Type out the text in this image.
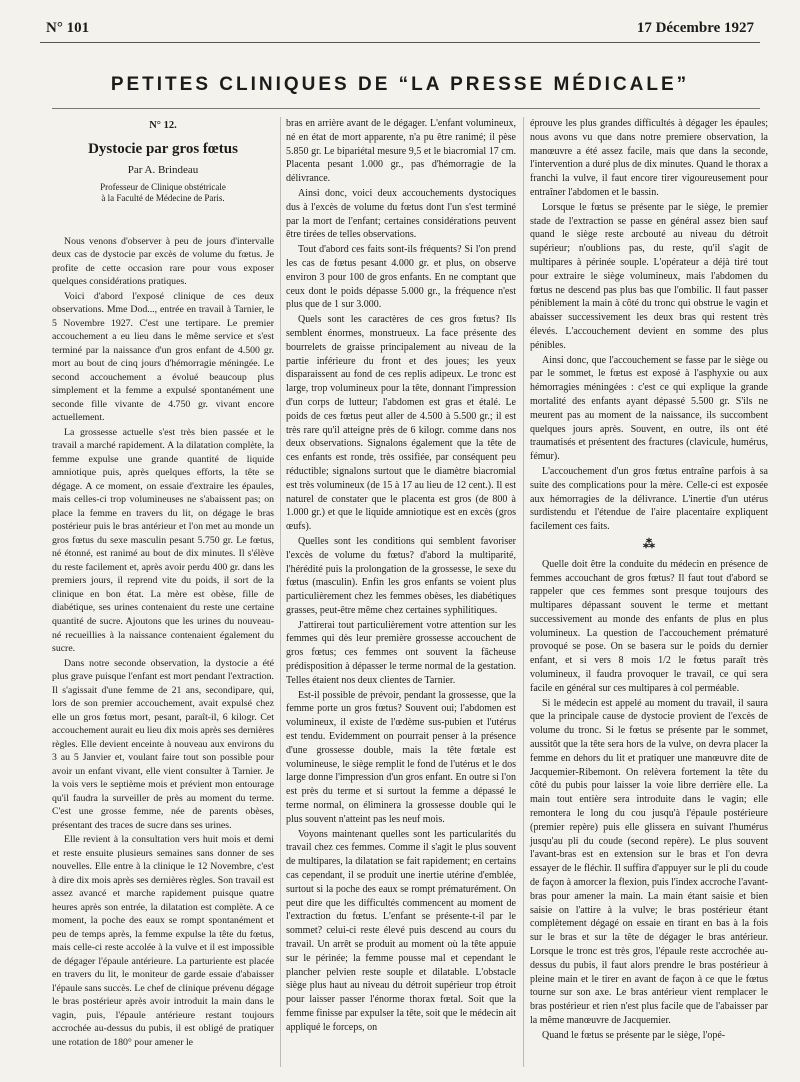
N° 101	17 Décembre 1927
PETITES CLINIQUES DE “LA PRESSE MÉDICALE”

N° 12.

Dystocie par gros fœtus

Par A. Brindeau

Professeur de Clinique obstétricale
à la Faculté de Médecine de Paris.

Nous venons d'observer à peu de jours d'intervalle deux cas de dystocie par excès de volume du fœtus. Je profite de cette occasion rare pour vous exposer quelques considérations pratiques.

Voici d'abord l'exposé clinique de ces deux observations. Mme Dod..., entrée en travail à Tarnier, le 5 Novembre 1927. C'est une tertipare. Le premier accouchement a eu lieu dans le même service et s'est terminé par la naissance d'un gros enfant de 4.500 gr. mort au bout de cinq jours d'hémorragie méningée. Le second accouchement a évolué beaucoup plus simplement et la femme a expulsé spontanément une seconde fille vivante de 4.750 gr. vivant encore actuellement.

La grossesse actuelle s'est très bien passée et le travail a marché rapidement. A la dilatation complète, la femme expulse une grande quantité de liquide amniotique puis, après quelques efforts, la tête se dégage. A ce moment, on essaie d'extraire les épaules, mais celles-ci trop volumineuses ne s'abaissent pas; on place la femme en travers du lit, on dégage le bras postérieur puis le bras antérieur et l'on met au monde un gros fœtus du sexe masculin pesant 5.750 gr. Le fœtus, né étonné, est ranimé au bout de dix minutes. Il s'élève du reste facilement et, après avoir perdu 400 gr. dans les premiers jours, il reprend vite du poids, il sort de la clinique en bon état. La mère est obèse, fille de diabétique, ses urines contenaient du reste une certaine quantité de sucre. Ajoutons que les urines du nouveau-né recueillies à la naissance contenaient également du sucre.

Dans notre seconde observation, la dystocie a été plus grave puisque l'enfant est mort pendant l'extraction. Il s'agissait d'une femme de 21 ans, secondipare, qui, lors de son premier accouchement, avait expulsé chez elle un gros fœtus mort, pesant, paraît-il, 6 kilogr. Cet accouchement aurait eu lieu dix mois après ses dernières règles. Elle devient enceinte à nouveau aux environs du 3 au 5 Janvier et, voulant faire tout son possible pour avoir un enfant vivant, elle vient consulter à Tarnier. Je la vois vers le septième mois et prévient mon entourage qu'il faudra la surveiller de près au moment du terme. C'est une grosse femme, née de parents obèses, présentant des traces de sucre dans ses urines.

Elle revient à la consultation vers huit mois et demi et reste ensuite plusieurs semaines sans donner de ses nouvelles. Elle entre à la clinique le 12 Novembre, c'est à dire dix mois après ses dernières règles. Son travail est assez avancé et marche rapidement puisque quatre heures après son entrée, la dilatation est complète. A ce moment, la poche des eaux se rompt spontanément et peu de temps après, la femme expulse la tête du fœtus, mais celle-ci reste accolée à la vulve et il est impossible de dégager l'épaule antérieure. La parturiente est placée en travers du lit, le moniteur de garde essaie d'abaisser l'épaule sans succès. Le chef de clinique prévenu dégage le bras postérieur après avoir introduit la main dans le vagin, puis, l'épaule antérieure restant toujours accrochée au-dessus du pubis, il est obligé de pratiquer une rotation de 180° pour amener le

bras en arrière avant de le dégager. L'enfant volumineux, né en état de mort apparente, n'a pu être ranimé; il pèse 5.850 gr. Le bipariétal mesure 9,5 et le biacromial 17 cm. Placenta pesant 1.000 gr., pas d'hémorragie de la délivrance.

Ainsi donc, voici deux accouchements dystociques dus à l'excès de volume du fœtus dont l'un s'est terminé par la mort de l'enfant; certaines considérations peuvent être tirées de telles observations.

Tout d'abord ces faits sont-ils fréquents? Si l'on prend les cas de fœtus pesant 4.000 gr. et plus, on observe environ 3 pour 100 de gros enfants. En ne comptant que ceux dont le poids dépasse 5.000 gr., la fréquence n'est plus que de 1 sur 3.000.

Quels sont les caractères de ces gros fœtus? Ils semblent énormes, monstrueux. La face présente des bourrelets de graisse principalement au niveau de la partie inférieure du front et des joues; les yeux disparaissent au fond de ces replis adipeux. Le tronc est large, trop volumineux pour la tête, donnant l'impression d'un corps de lutteur; l'abdomen est gras et étalé. Le poids de ces fœtus peut aller de 4.500 à 5.500 gr.; il est très rare qu'il atteigne près de 6 kilogr. comme dans nos deux observations. Signalons également que la tête de ces enfants est ronde, très ossifiée, par conséquent peu réductible; signalons surtout que le diamètre biacromial est très volumineux (de 15 à 17 au lieu de 12 cent.). Il est naturel de constater que le placenta est gros (de 800 à 1.000 gr.) et que le liquide amniotique est en excès (gros œufs).

Quelles sont les conditions qui semblent favoriser l'excès de volume du fœtus? d'abord la multiparité, l'hérédité puis la prolongation de la grossesse, le sexe du fœtus (masculin). Enfin les gros enfants se voient plus particulièrement chez les femmes obèses, les diabétiques grasses, peut-être même chez certaines syphilitiques.

J'attirerai tout particulièrement votre attention sur les femmes qui dès leur première grossesse accouchent de gros fœtus; ces femmes ont souvent la fâcheuse prédisposition à dépasser le terme normal de la gestation. Telles étaient nos deux clientes de Tarnier.

Est-il possible de prévoir, pendant la grossesse, que la femme porte un gros fœtus? Souvent oui; l'abdomen est volumineux, il existe de l'œdème sus-pubien et l'utérus est tendu. Evidemment on pourrait penser à la présence d'une grossesse double, mais la tête fœtale est volumineuse, le siège remplit le fond de l'utérus et le dos large donne l'impression d'un gros enfant. En outre si l'on est près du terme et si surtout la femme a dépassé le terme normal, on éliminera la grossesse double qui le plus souvent n'atteint pas les neuf mois.

Voyons maintenant quelles sont les particularités du travail chez ces femmes. Comme il s'agit le plus souvent de multipares, la dilatation se fait rapidement; en certains cas cependant, il se produit une inertie utérine d'emblée, surtout si la poche des eaux se rompt prématurément. On peut dire que les difficultés commencent au moment de l'extraction du fœtus. L'enfant se présente-t-il par le sommet? celui-ci reste élevé puis descend au cours du travail. Un arrêt se produit au moment où la tête appuie sur le périnée; la femme pousse mal et cependant le plancher pelvien reste souple et dilatable. L'obstacle siège plus haut au niveau du détroit supérieur trop étroit pour laisser passer l'énorme thorax fœtal. Soit que la femme finisse par expulser la tête, soit que le médecin ait appliqué le forceps, on

éprouve les plus grandes difficultés à dégager les épaules; nous avons vu que dans notre premiere observation, la manœuvre a été assez facile, mais que dans la seconde, l'intervention a duré plus de dix minutes. Quand le thorax a franchi la vulve, il faut encore tirer vigoureusement pour entraîner l'abdomen et le bassin.

Lorsque le fœtus se présente par le siège, le premier stade de l'extraction se passe en général assez bien sauf quand le siège reste arcbouté au niveau du détroit supérieur; n'oublions pas, du reste, qu'il s'agit de multipares à périnée souple. L'opérateur a déjà tiré tout pour extraire le siège volumineux, mais l'abdomen du fœtus ne descend pas plus bas que l'ombilic. Il faut passer péniblement la main à côté du tronc qui obstrue le vagin et abaisser successivement les deux bras qui restent très élevés. L'accouchement devient en somme des plus pénibles.

Ainsi donc, que l'accouchement se fasse par le siège ou par le sommet, le fœtus est exposé à l'asphyxie ou aux hémorragies méningées : c'est ce qui explique la grande mortalité des enfants ayant dépassé 5.500 gr. S'ils ne meurent pas au moment de la naissance, ils succombent quelques jours après. Souvent, en outre, ils ont été traumatisés et présentent des fractures (clavicule, humérus, fémur).

L'accouchement d'un gros fœtus entraîne parfois à sa suite des complications pour la mère. Celle-ci est exposée aux hémorragies de la délivrance. L'inertie d'un utérus surdistendu et l'étendue de l'aire placentaire expliquent facilement ces faits.

⁂

Quelle doit être la conduite du médecin en présence de femmes accouchant de gros fœtus? Il faut tout d'abord se rappeler que ces femmes sont presque toujours des multipares dépassant souvent le terme et mettant successivement au monde des enfants de plus en plus volumineux. La question de l'accouchement prématuré provoqué se pose. On se basera sur le poids du dernier enfant, et si vers 8 mois 1/2 le fœtus paraît très volumineux, il faudra provoquer le travail, ce qui sera facile en général sur ces multipares à col perméable.

Si le médecin est appelé au moment du travail, il saura que la principale cause de dystocie provient de l'excès de volume du tronc. Si le fœtus se présente par le sommet, aussitôt que la tête sera hors de la vulve, on devra placer la femme en dehors du lit et pratiquer une manœuvre dite de Jacquemier-Ribemont. On relèvera fortement la tête du côté du pubis pour laisser la voie libre derrière elle. La main tout entière sera introduite dans le vagin; elle remontera le long du cou jusqu'à l'épaule postérieure (premier repère) puis elle glissera en suivant l'humérus jusqu'au pli du coude (second repère). Le plus souvent l'avant-bras est en extension sur le bras et l'on devra essayer de le fléchir. Il suffira d'appuyer sur le pli du coude de façon à amorcer la flexion, puis l'index accroche l'avant-bras pour amener la main. La main étant saisie et bien saisie on l'attire à la vulve; le bras postérieur étant complètement dégagé on essaie en tirant en bas à la fois sur le bras et sur la tête de dégager le bras antérieur. Lorsque le tronc est très gros, l'épaule reste accrochée au-dessus du pubis, il faut alors prendre le bras postérieur à pleine main et le tirer en avant de façon à ce que le fœtus tourne sur son axe. Le bras antérieur vient remplacer le bras postérieur et rien n'est plus facile que de l'abaisser par la même manœuvre de Jacquemier.

Quand le fœtus se présente par le siège, l'opé-
